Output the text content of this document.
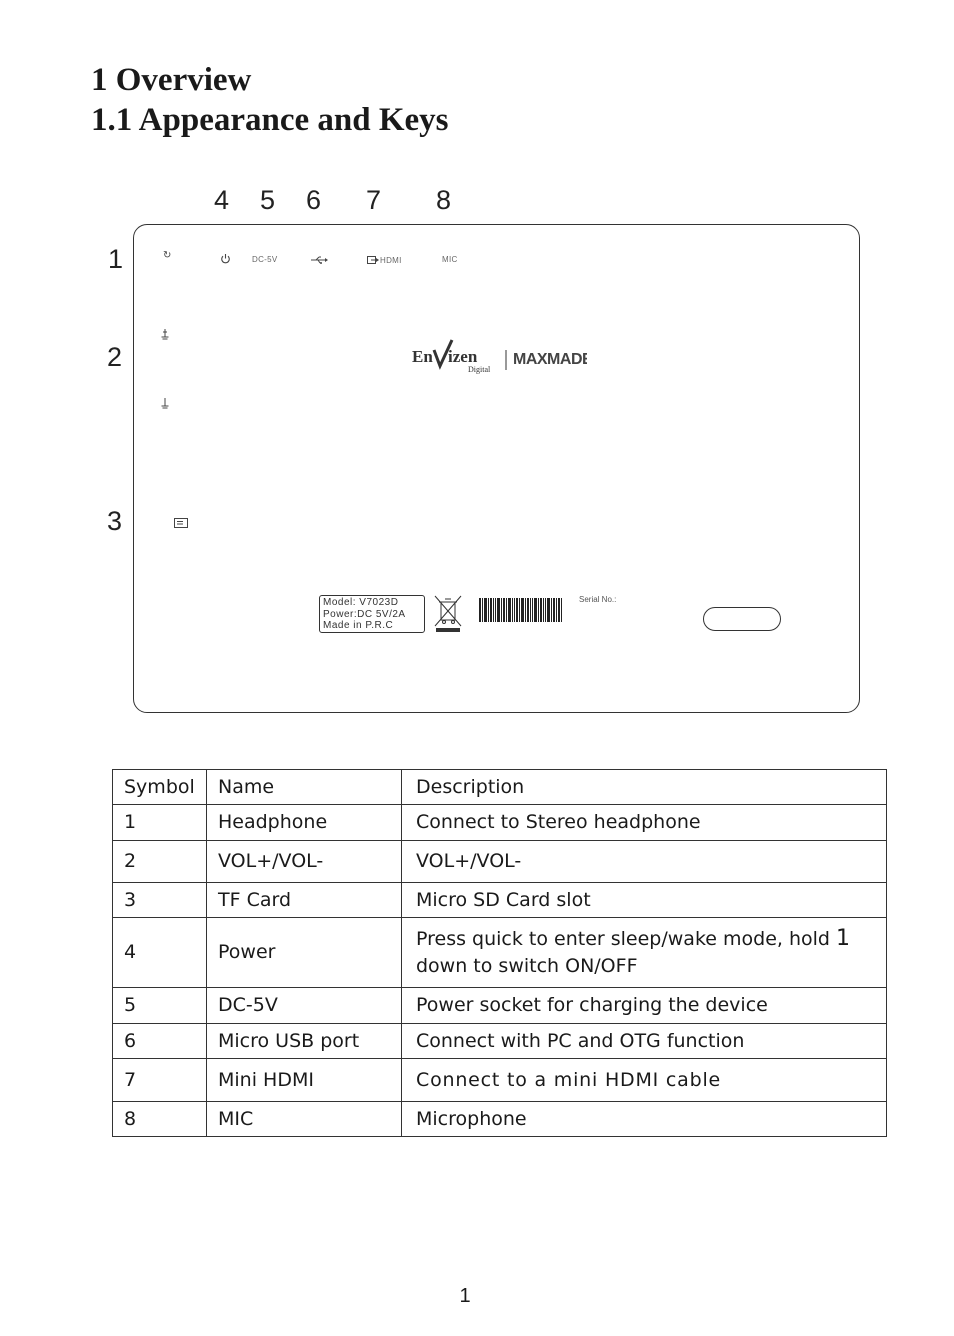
1 Overview
1.1 Appearance and Keys
4 5 6 7 8
1
2
3
↻	DC-5V	HDMI	MIC
En izen
Digital
MAXMADE
Model: V7023D
Power:DC 5V/2A
Made in P.R.C
Serial No.:
Symbol	Name	Description
1	Headphone	Connect to Stereo headphone
2	VOL+/VOL-	VOL+/VOL-
3	TF Card	Micro SD Card slot
4	Power	Press quick to enter sleep/wake mode, hold 1
down to switch ON/OFF
5	DC-5V	Power socket for charging the device
6	Micro USB port	Connect with PC and OTG function
7	Mini HDMI	Connect to a mini HDMI cable
8	MIC	Microphone
1
